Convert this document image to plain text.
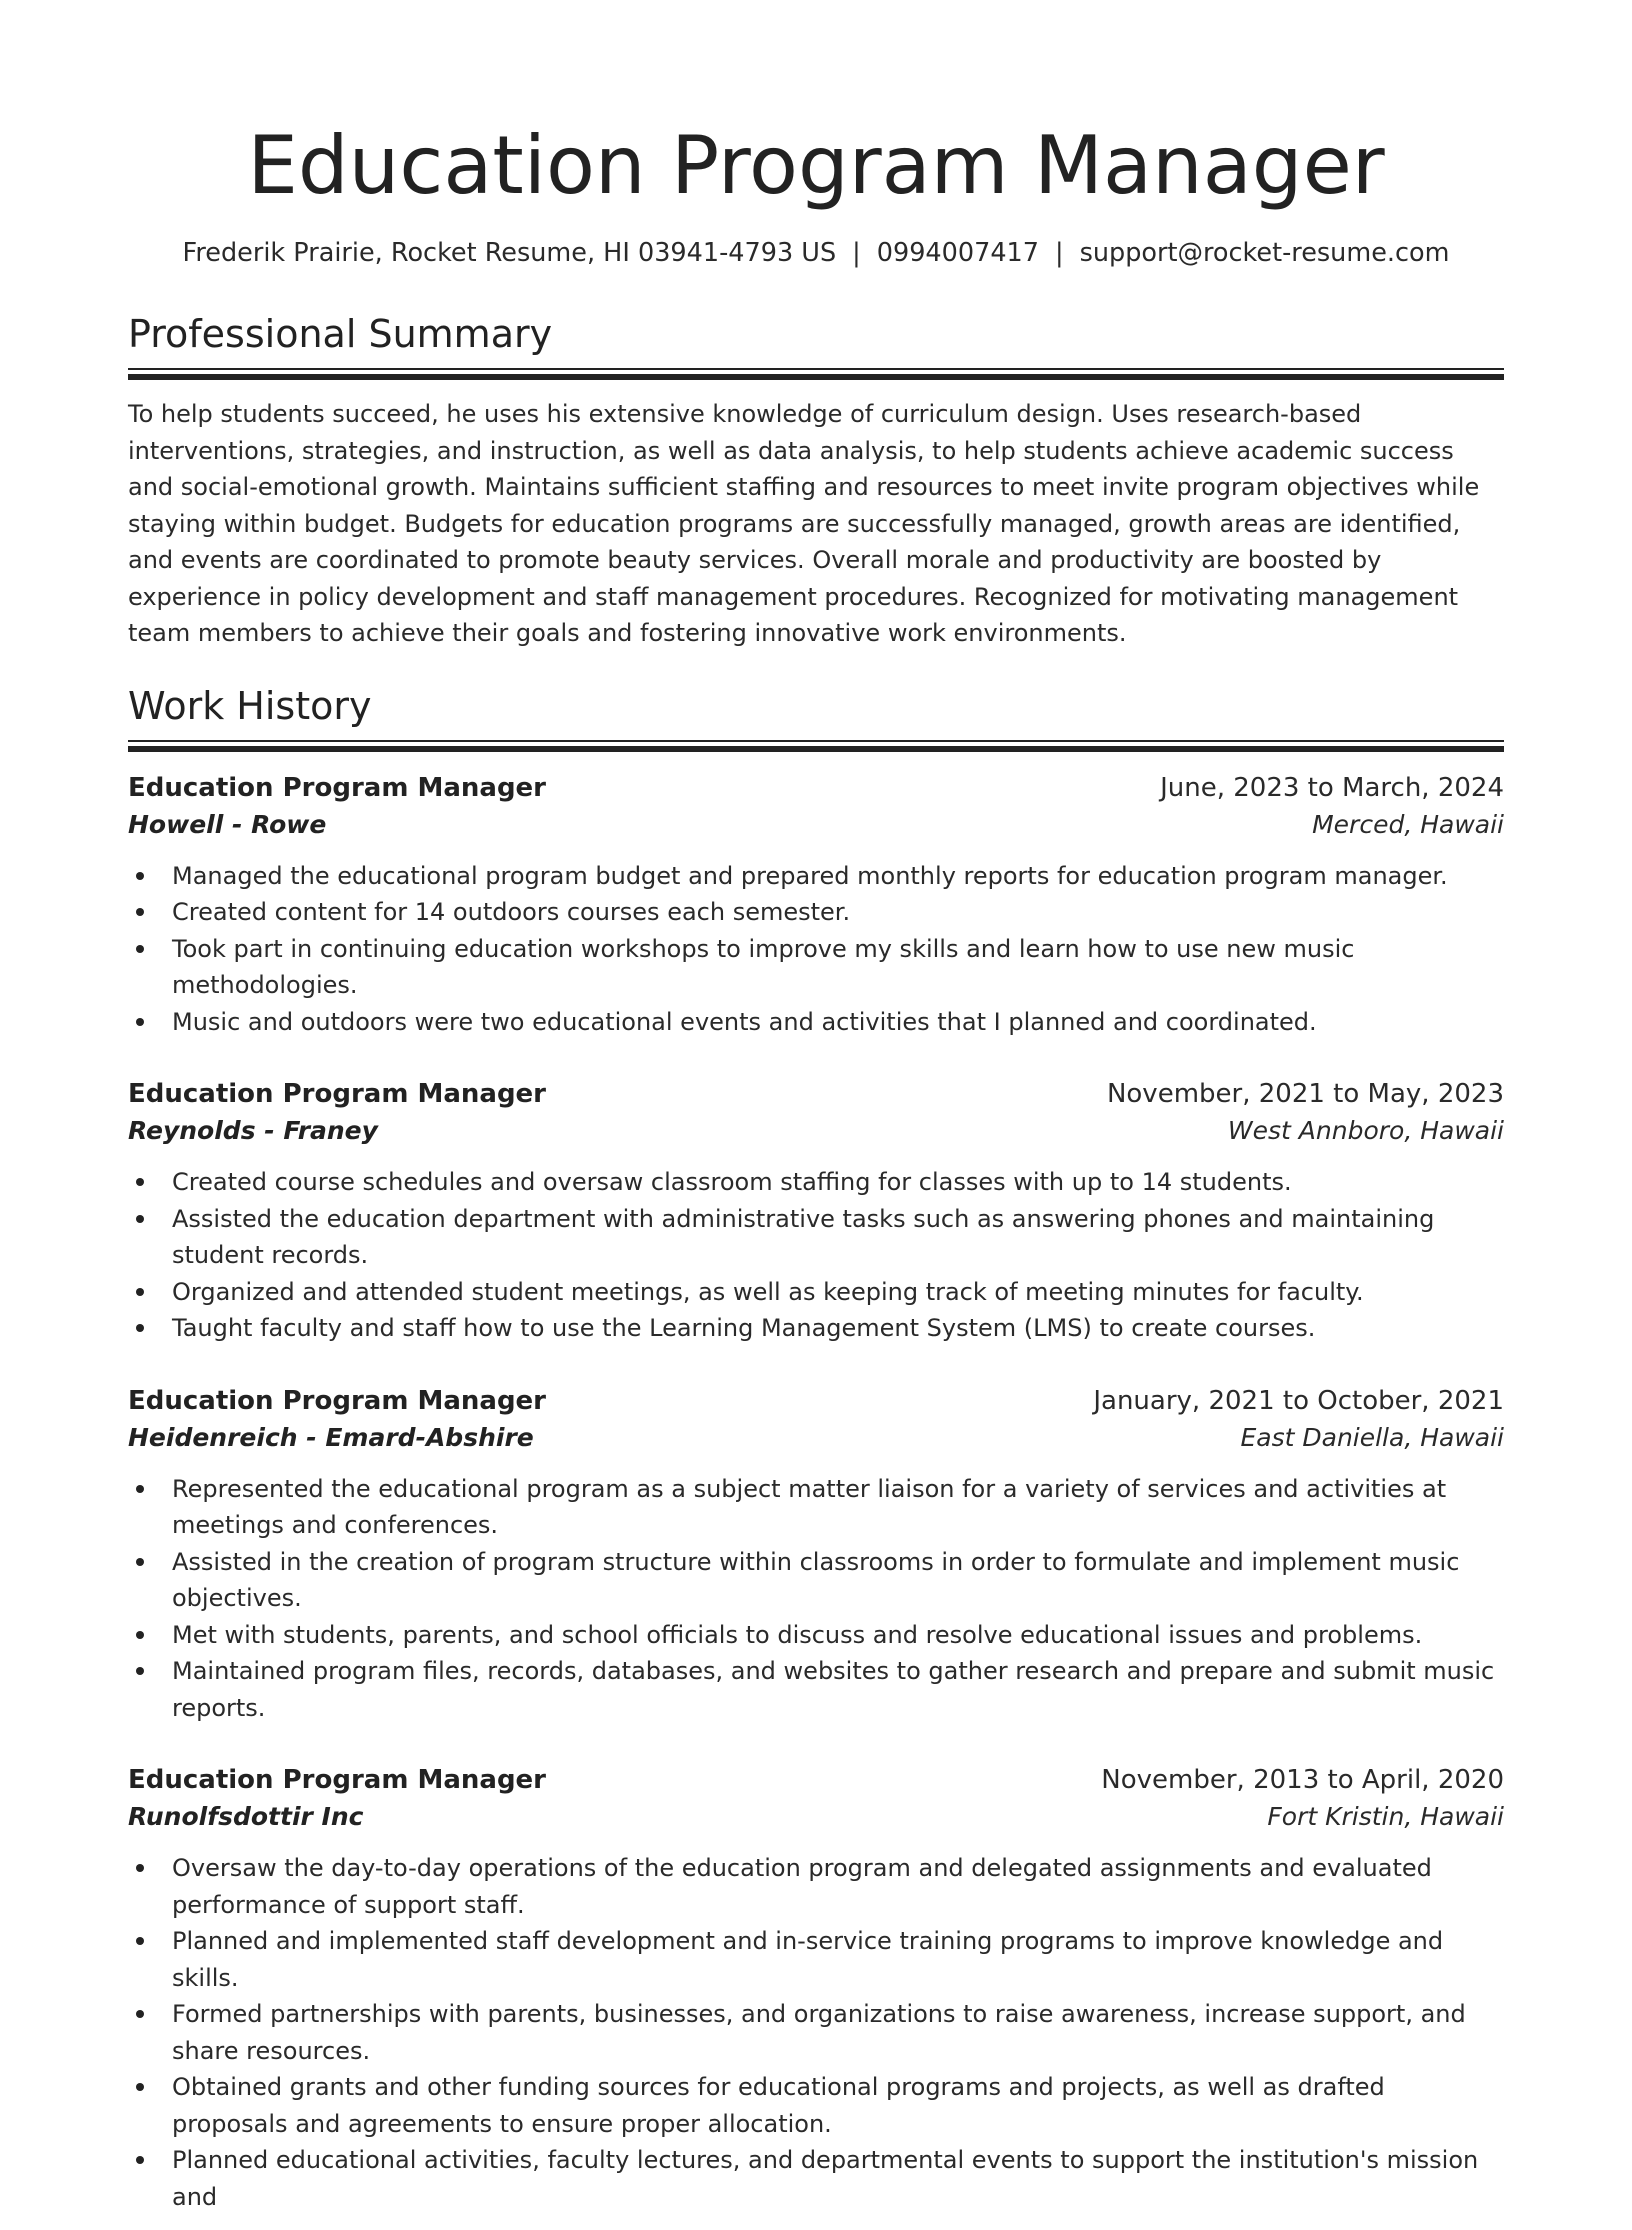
Education Program Manager
Frederik Prairie, Rocket Resume, HI 03941-4793 US | 0994007417 | support@rocket-resume.com
Professional Summary

To help students succeed, he uses his extensive knowledge of curriculum design. Uses research-based interventions, strategies, and instruction, as well as data analysis, to help students achieve academic success and social-emotional growth. Maintains sufficient staffing and resources to meet invite program objectives while staying within budget. Budgets for education programs are successfully managed, growth areas are identified, and events are coordinated to promote beauty services. Overall morale and productivity are boosted by experience in policy development and staff management procedures. Recognized for motivating management team members to achieve their goals and fostering innovative work environments.

Work History
Education Program Manager	June, 2023 to March, 2024
Howell - Rowe	Merced, Hawaii
Managed the educational program budget and prepared monthly reports for education program manager.
Created content for 14 outdoors courses each semester.
Took part in continuing education workshops to improve my skills and learn how to use new music methodologies.
Music and outdoors were two educational events and activities that I planned and coordinated.
Education Program Manager	November, 2021 to May, 2023
Reynolds - Franey	West Annboro, Hawaii
Created course schedules and oversaw classroom staffing for classes with up to 14 students.
Assisted the education department with administrative tasks such as answering phones and maintaining student records.
Organized and attended student meetings, as well as keeping track of meeting minutes for faculty.
Taught faculty and staff how to use the Learning Management System (LMS) to create courses.
Education Program Manager	January, 2021 to October, 2021
Heidenreich - Emard-Abshire	East Daniella, Hawaii
Represented the educational program as a subject matter liaison for a variety of services and activities at meetings and conferences.
Assisted in the creation of program structure within classrooms in order to formulate and implement music objectives.
Met with students, parents, and school officials to discuss and resolve educational issues and problems.
Maintained program files, records, databases, and websites to gather research and prepare and submit music reports.
Education Program Manager	November, 2013 to April, 2020
Runolfsdottir Inc	Fort Kristin, Hawaii
Oversaw the day-to-day operations of the education program and delegated assignments and evaluated performance of support staff.
Planned and implemented staff development and in-service training programs to improve knowledge and skills.
Formed partnerships with parents, businesses, and organizations to raise awareness, increase support, and share resources.
Obtained grants and other funding sources for educational programs and projects, as well as drafted proposals and agreements to ensure proper allocation.
Planned educational activities, faculty lectures, and departmental events to support the institution's mission and
